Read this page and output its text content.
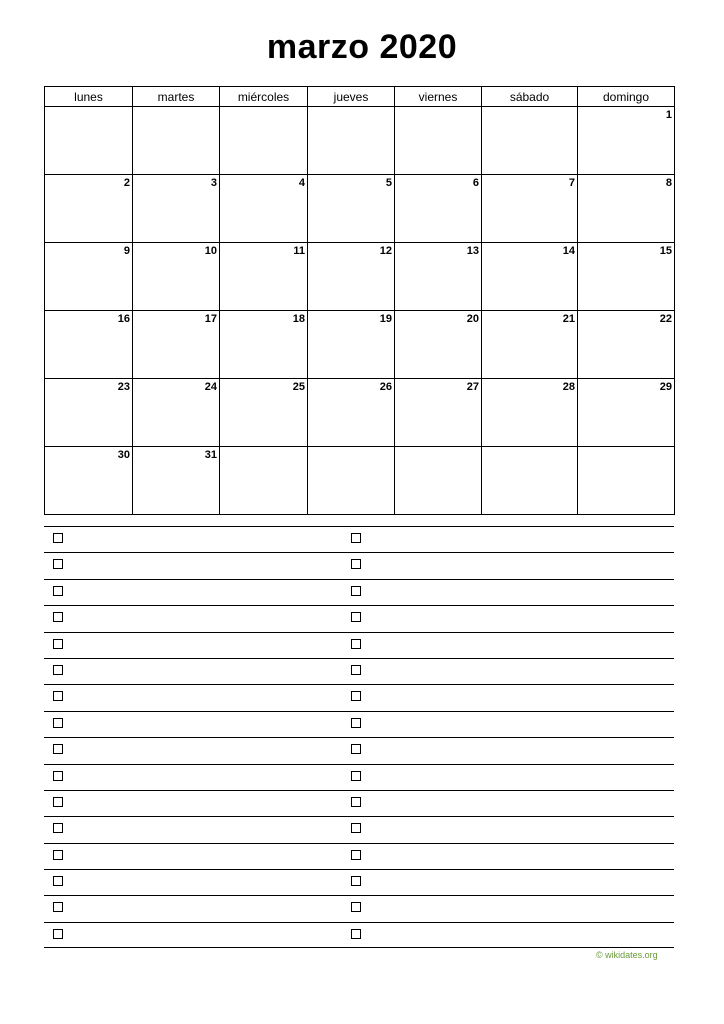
marzo 2020
lunes	martes	miércoles	jueves	viernes	sábado	domingo
						1
2	3	4	5	6	7	8
9	10	11	12	13	14	15
16	17	18	19	20	21	22
23	24	25	26	27	28	29
30	31					
© wikidates.org
